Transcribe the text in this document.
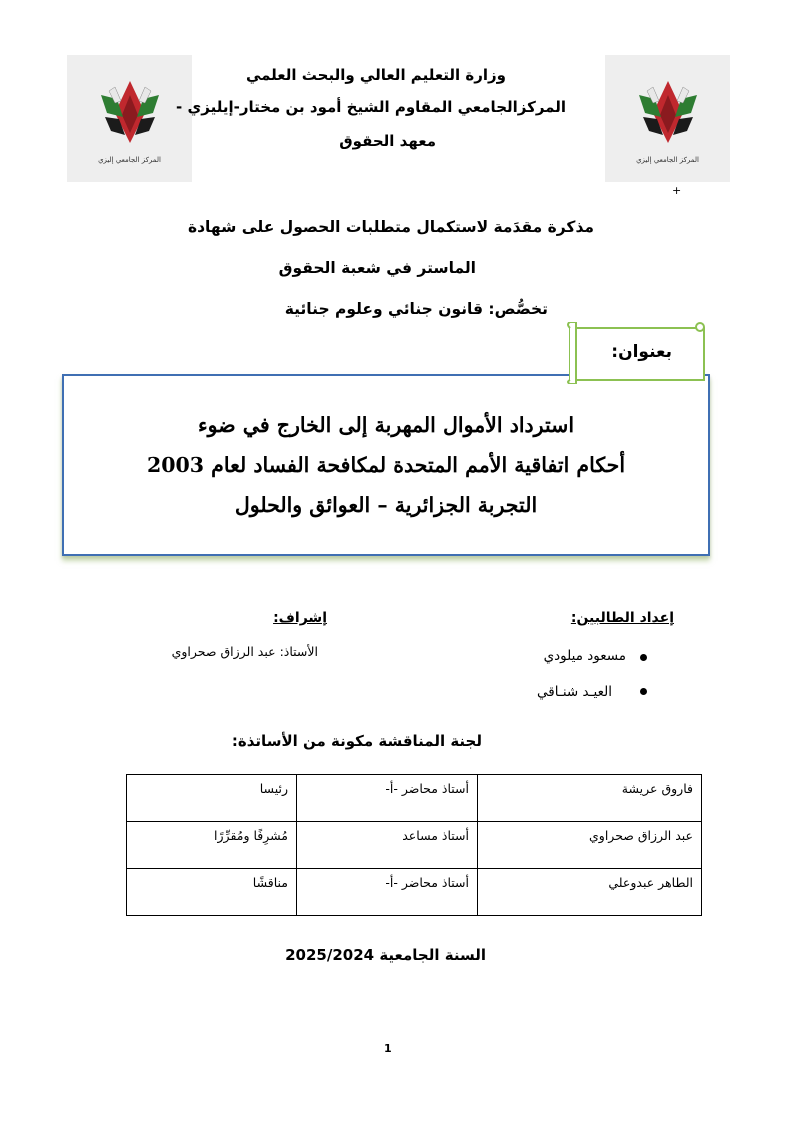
المركز الجامعي إليزي	المركز الجامعي إليزي
+
وزارة التعليم العالي والبحث العلمي
المركزالجامعي المقاوم الشيخ أمود بن مختار-إيليزي -
معهد الحقوق
مذكرة مقدَمة لاستكمال متطلبات الحصول على شهادة
الماستر في شعبة الحقوق
تخصُّص: قانون جنائي وعلوم جنائية
استرداد الأموال المهربة إلى الخارج في ضوء
أحكام اتفاقية الأمم المتحدة لمكافحة الفساد لعام 2003
التجربة الجزائرية – العوائق والحلول
بعنوان:
إعداد الطالبين:
مسعود ميلودي
العيـد شنـاقي
إشراف:
الأستاذ: عبد الرزاق صحراوي
لجنة المناقشة مكونة من الأساتذة:
فاروق عريشة	أستاذ محاضر -أ-	رئيسا
عبد الرزاق صحراوي	أستاذ مساعد	مُشرِفًا ومُقرِّرًا
الطاهر عبدوعلي	أستاذ محاضر -أ-	مناقشًا
السنة الجامعية 2025/2024
1
